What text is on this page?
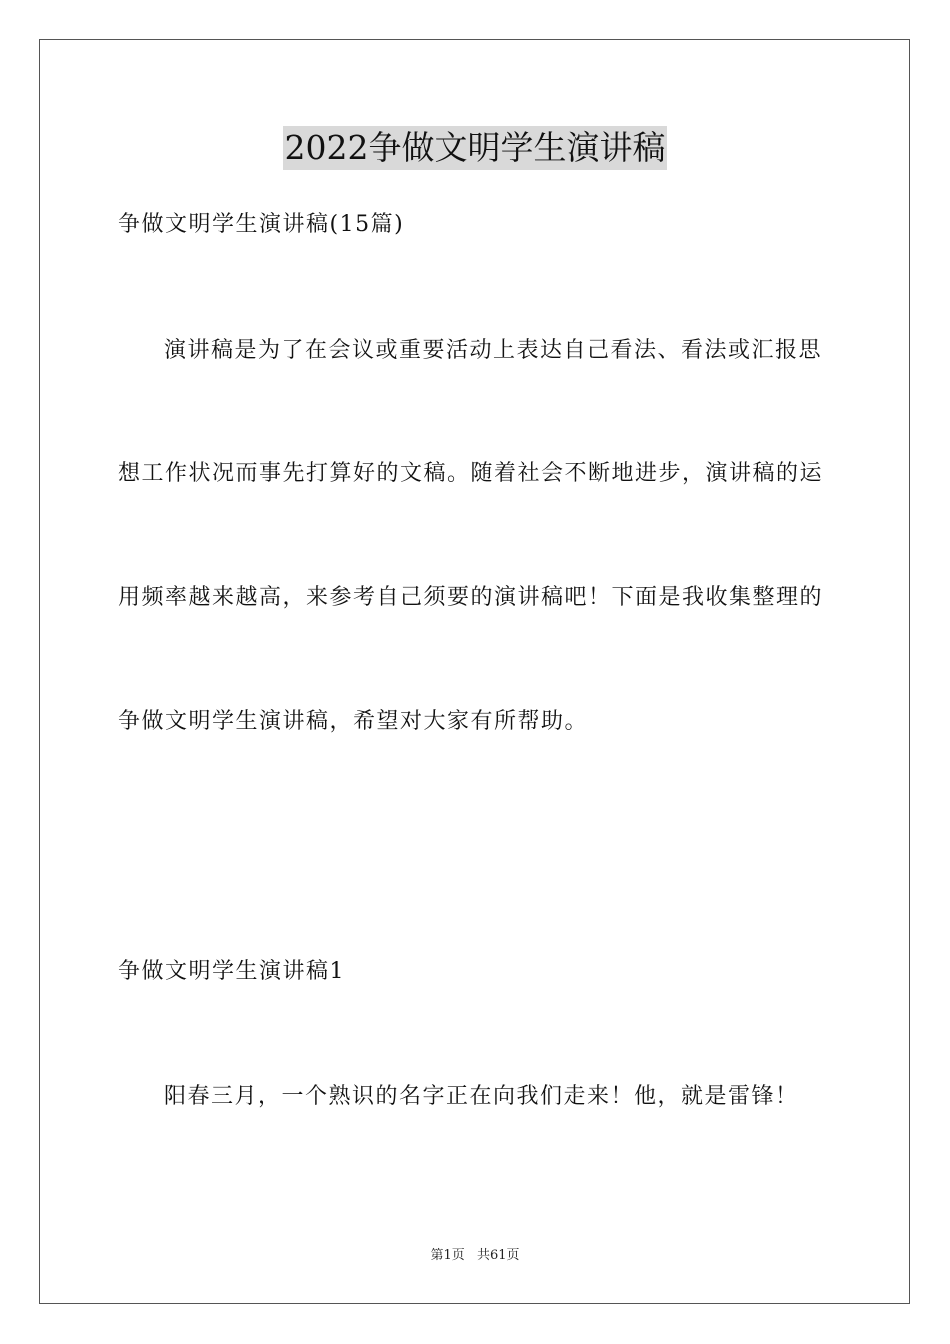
2022争做文明学生演讲稿
争做文明学生演讲稿(15篇)
演讲稿是为了在会议或重要活动上表达自己看法、看法或汇报思
想工作状况而事先打算好的文稿。随着社会不断地进步，演讲稿的运
用频率越来越高，来参考自己须要的演讲稿吧！下面是我收集整理的
争做文明学生演讲稿，希望对大家有所帮助。
争做文明学生演讲稿1
阳春三月，一个熟识的名字正在向我们走来！他，就是雷锋！
第1页 共61页
